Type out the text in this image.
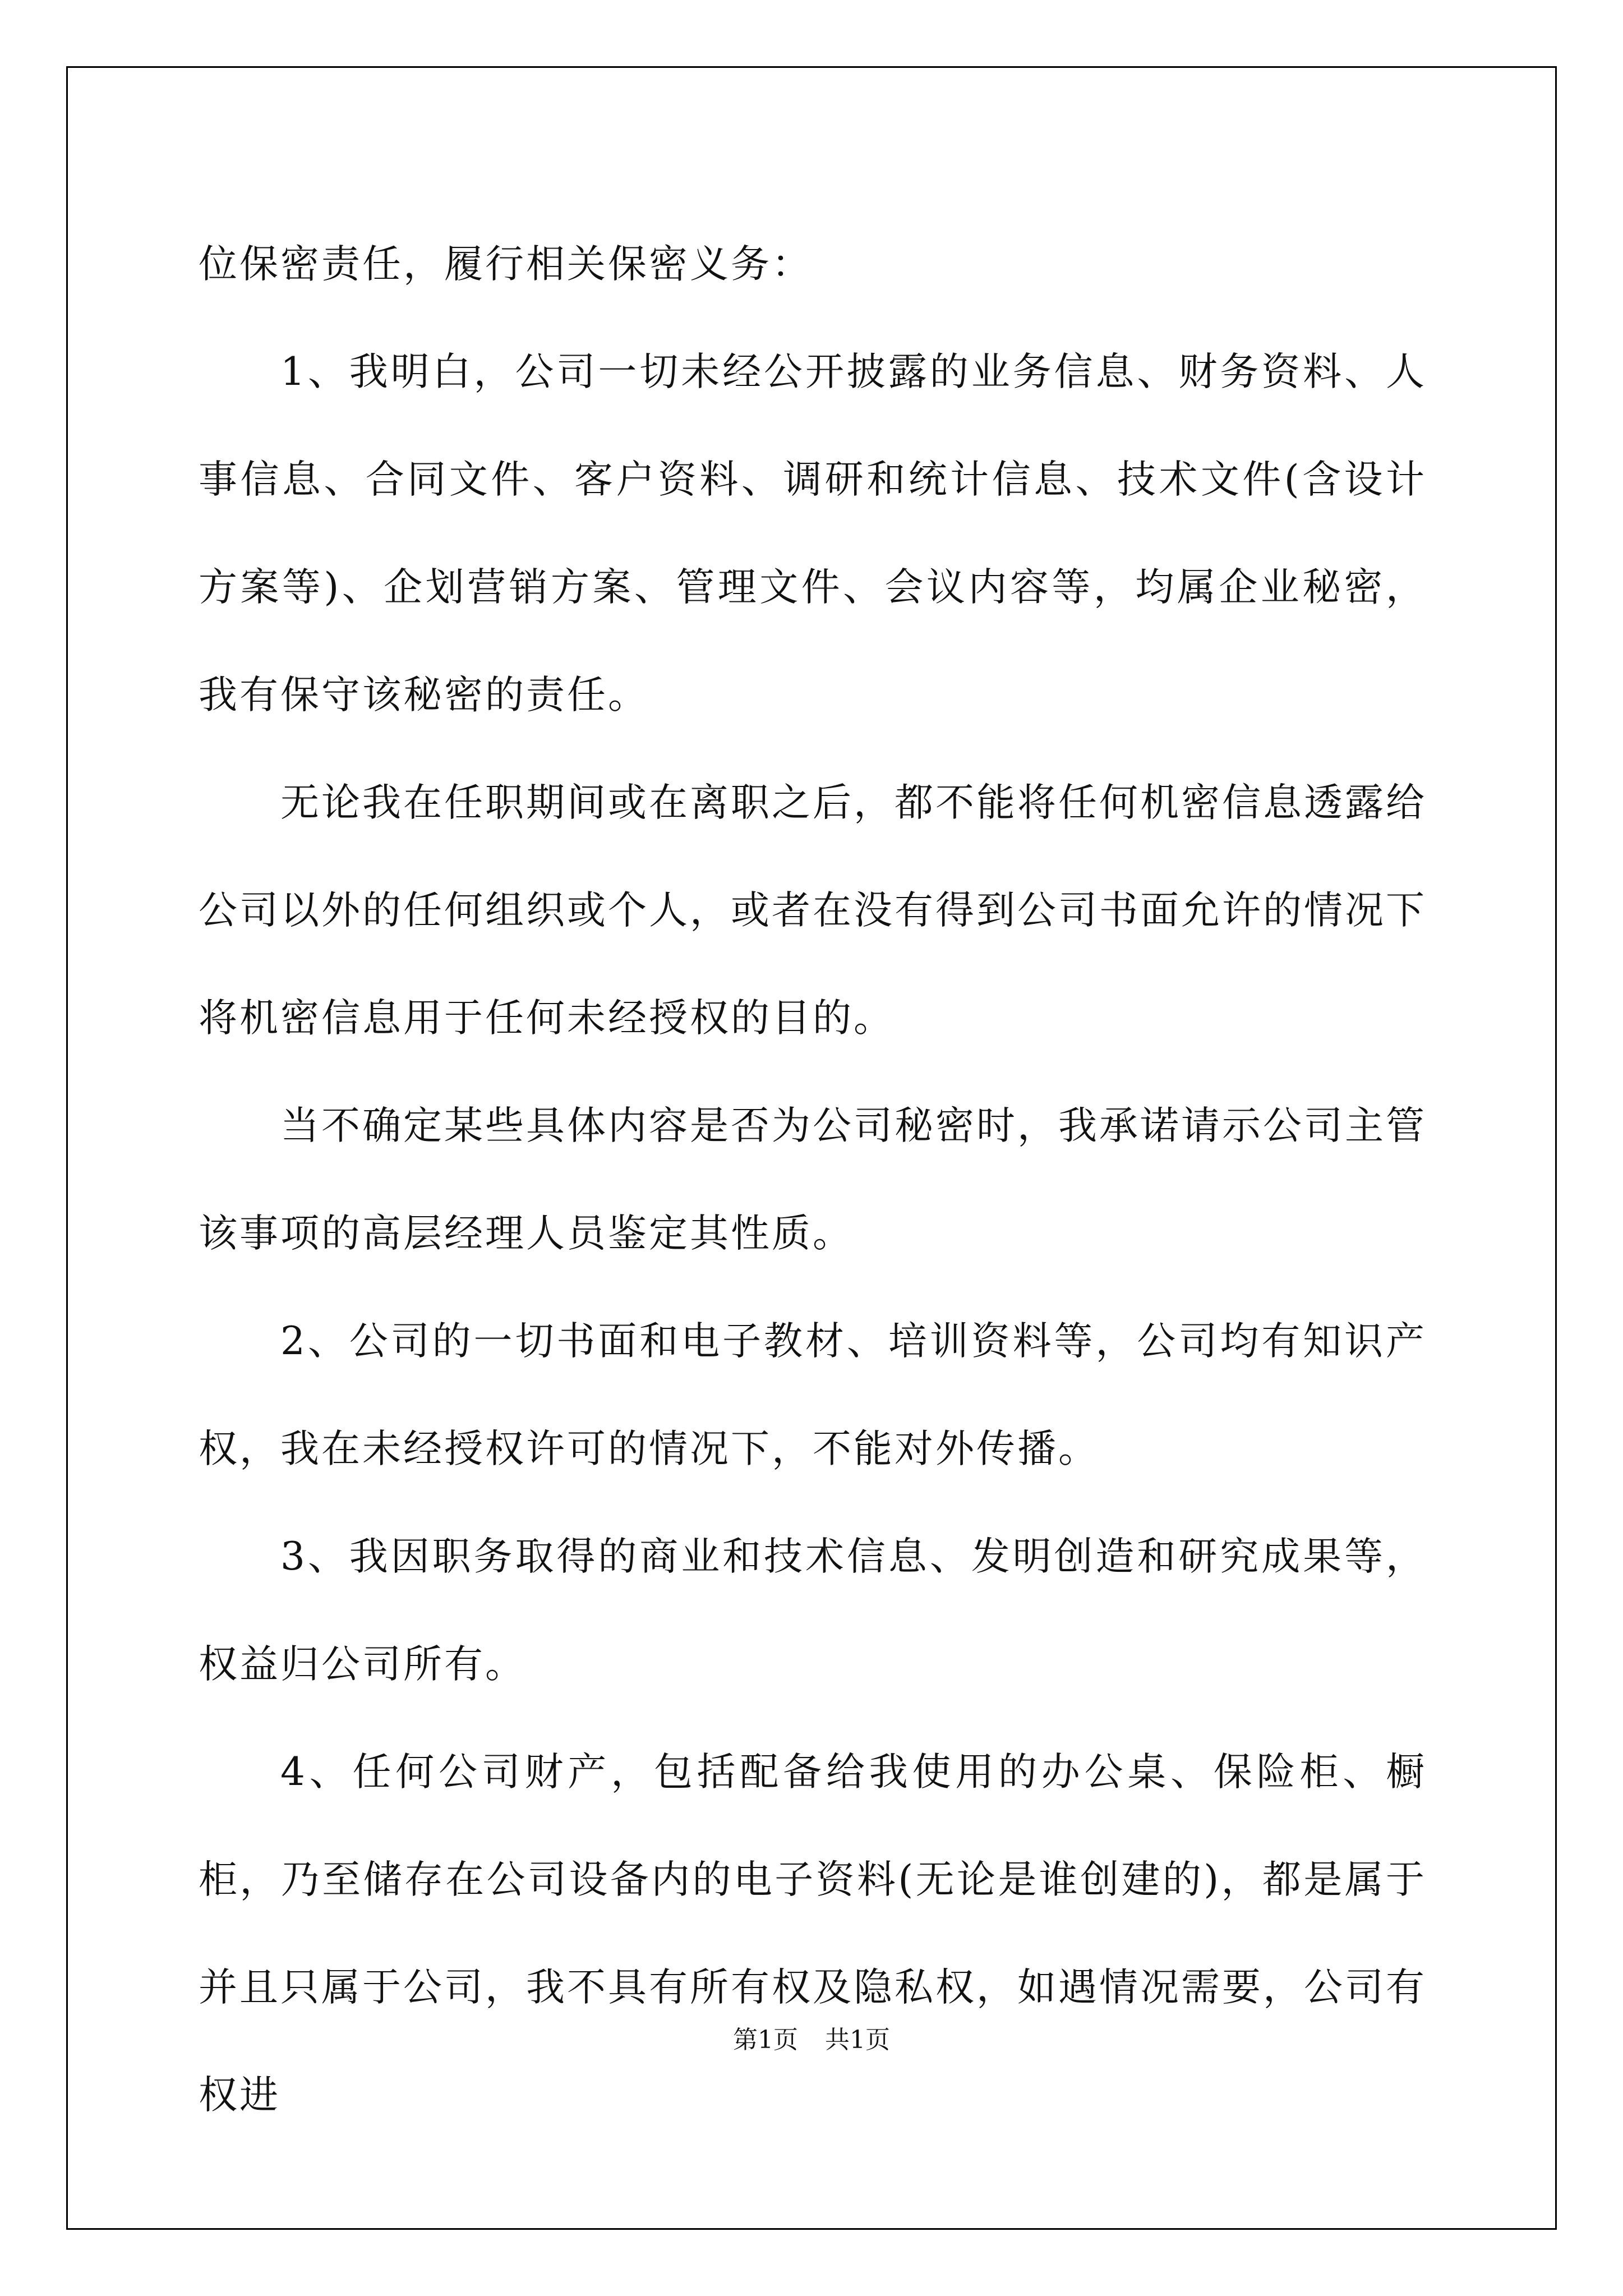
位保密责任，履行相关保密义务：

1、我明白，公司一切未经公开披露的业务信息、财务资料、人事信息、合同文件、客户资料、调研和统计信息、技术文件(含设计方案等)、企划营销方案、管理文件、会议内容等，均属企业秘密，我有保守该秘密的责任。

无论我在任职期间或在离职之后，都不能将任何机密信息透露给公司以外的任何组织或个人，或者在没有得到公司书面允许的情况下将机密信息用于任何未经授权的目的。

当不确定某些具体内容是否为公司秘密时，我承诺请示公司主管该事项的高层经理人员鉴定其性质。

2、公司的一切书面和电子教材、培训资料等，公司均有知识产权，我在未经授权许可的情况下，不能对外传播。

3、我因职务取得的商业和技术信息、发明创造和研究成果等，权益归公司所有。

4、任何公司财产，包括配备给我使用的办公桌、保险柜、橱柜，乃至储存在公司设备内的电子资料(无论是谁创建的)，都是属于并且只属于公司，我不具有所有权及隐私权，如遇情况需要，公司有权进

第1页 共1页
